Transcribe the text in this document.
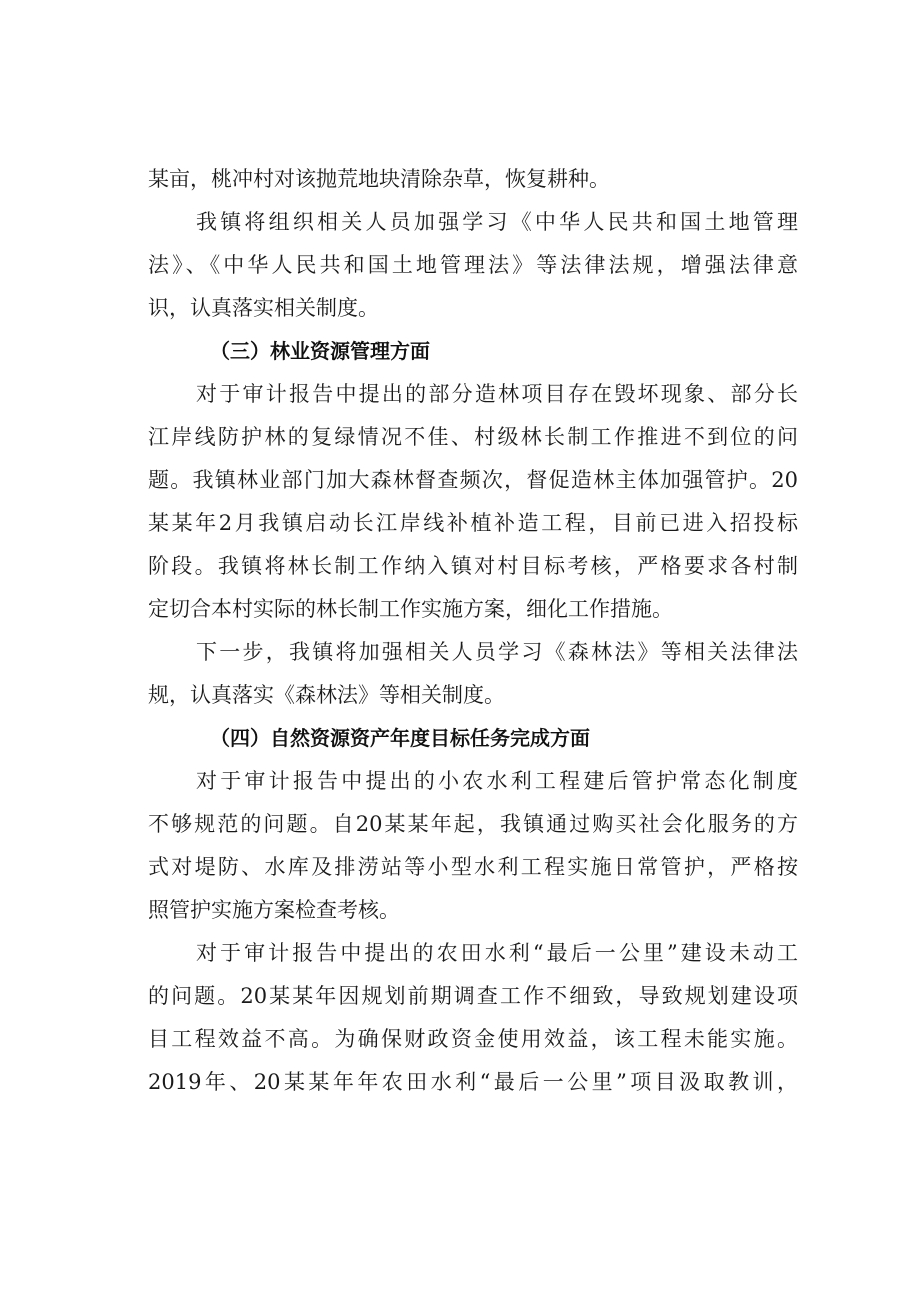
某亩，桃冲村对该抛荒地块清除杂草，恢复耕种。
我镇将组织相关人员加强学习《中华人民共和国土地管理
法》、《中华人民共和国土地管理法》等法律法规，增强法律意
识，认真落实相关制度。
（三）林业资源管理方面
对于审计报告中提出的部分造林项目存在毁坏现象、部分长
江岸线防护林的复绿情况不佳、村级林长制工作推进不到位的问
题。我镇林业部门加大森林督查频次，督促造林主体加强管护。20
某某年2月我镇启动长江岸线补植补造工程，目前已进入招投标
阶段。我镇将林长制工作纳入镇对村目标考核，严格要求各村制
定切合本村实际的林长制工作实施方案，细化工作措施。
下一步，我镇将加强相关人员学习《森林法》等相关法律法
规，认真落实《森林法》等相关制度。
（四）自然资源资产年度目标任务完成方面
对于审计报告中提出的小农水利工程建后管护常态化制度
不够规范的问题。自20某某年起，我镇通过购买社会化服务的方
式对堤防、水库及排涝站等小型水利工程实施日常管护，严格按
照管护实施方案检查考核。
对于审计报告中提出的农田水利“最后一公里”建设未动工
的问题。20某某年因规划前期调查工作不细致，导致规划建设项
目工程效益不高。为确保财政资金使用效益，该工程未能实施。
2019年、20某某年年农田水利“最后一公里”项目汲取教训，
